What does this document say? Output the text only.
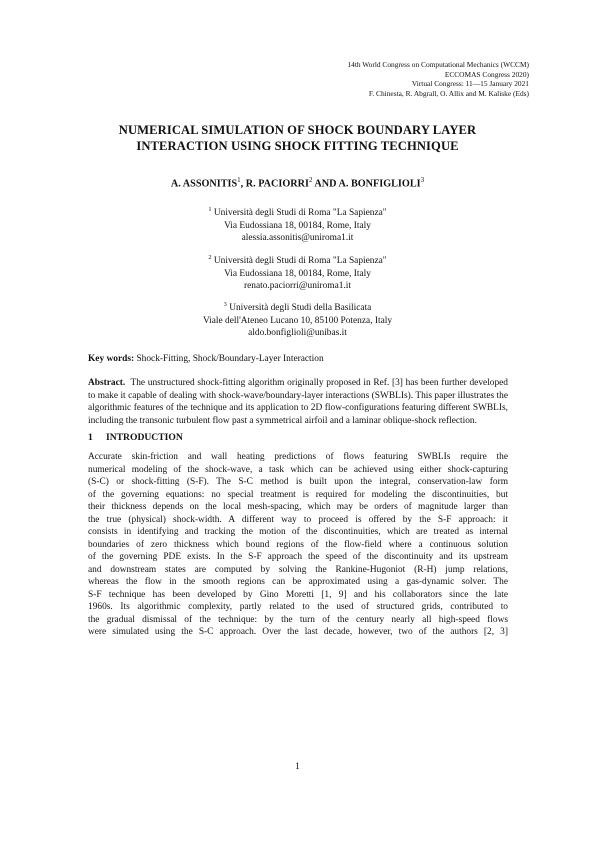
14th World Congress on Computational Mechanics (WCCM)
ECCOMAS Congress 2020)
Virtual Congress: 11—15 January 2021
F. Chinesta, R. Abgrall, O. Allix and M. Kaliske (Eds)
NUMERICAL SIMULATION OF SHOCK BOUNDARY LAYER
INTERACTION USING SHOCK FITTING TECHNIQUE
A. ASSONITIS$^1$, R. PACIORRI$^2$ AND A. BONFIGLIOLI$^3$
$^1$ Università degli Studi di Roma "La Sapienza"
Via Eudossiana 18, 00184, Rome, Italy
alessia.assonitis@uniroma1.it
$^2$ Università degli Studi di Roma "La Sapienza"
Via Eudossiana 18, 00184, Rome, Italy
renato.paciorri@uniroma1.it
$^3$ Università degli Studi della Basilicata
Viale dell'Ateneo Lucano 10, 85100 Potenza, Italy
aldo.bonfiglioli@unibas.it
Key words: Shock-Fitting, Shock/Boundary-Layer Interaction
Abstract. The unstructured shock-fitting algorithm originally proposed in Ref. [3] has been further developed to make it capable of dealing with shock-wave/boundary-layer interactions (SWBLIs). This paper illustrates the algorithmic features of the technique and its application to 2D flow-configurations featuring different SWBLIs, including the transonic turbulent flow past a symmetrical airfoil and a laminar oblique-shock reflection.
1 INTRODUCTION
Accurate skin-friction and wall heating predictions of flows featuring SWBLIs require the
numerical modeling of the shock-wave, a task which can be achieved using either shock-capturing
(S-C) or shock-fitting (S-F). The S-C method is built upon the integral, conservation-law form
of the governing equations: no special treatment is required for modeling the discontinuities, but
their thickness depends on the local mesh-spacing, which may be orders of magnitude larger than
the true (physical) shock-width. A different way to proceed is offered by the S-F approach: it
consists in identifying and tracking the motion of the discontinuities, which are treated as internal
boundaries of zero thickness which bound regions of the flow-field where a continuous solution
of the governing PDE exists. In the S-F approach the speed of the discontinuity and its upstream
and downstream states are computed by solving the Rankine-Hugoniot (R-H) jump relations,
whereas the flow in the smooth regions can be approximated using a gas-dynamic solver. The
S-F technique has been developed by Gino Moretti [1, 9] and his collaborators since the late
1960s. Its algorithmic complexity, partly related to the used of structured grids, contributed to
the gradual dismissal of the technique: by the turn of the century nearly all high-speed flows
were simulated using the S-C approach. Over the last decade, however, two of the authors [2, 3]
1
